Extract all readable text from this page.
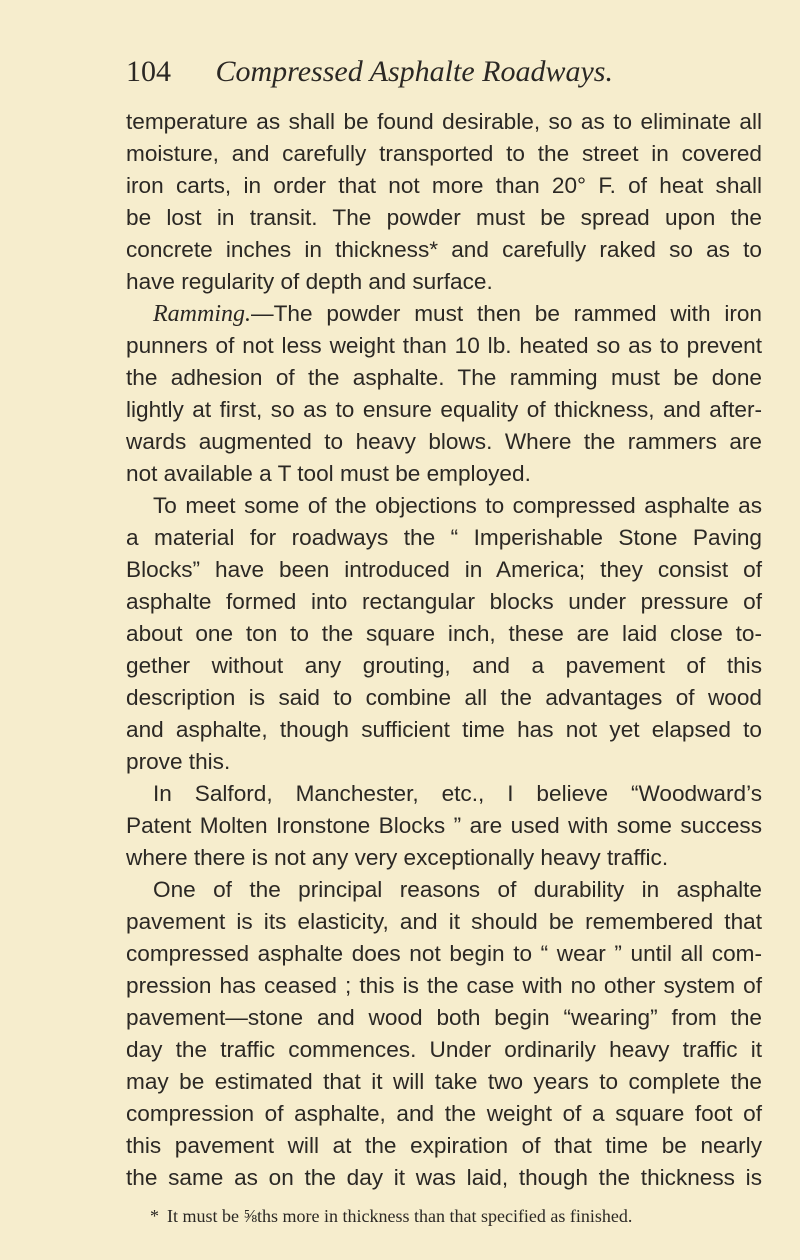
104 Compressed Asphalte Roadways.
temperature as shall be found desirable, so as to eliminate all
moisture, and carefully transported to the street in covered
iron carts, in order that not more than 20° F. of heat shall
be lost in transit. The powder must be spread upon the
concrete inches in thickness* and carefully raked so as to
have regularity of depth and surface.
Ramming.—The powder must then be rammed with iron
punners of not less weight than 10 lb. heated so as to prevent
the adhesion of the asphalte. The ramming must be done
lightly at first, so as to ensure equality of thickness, and after-
wards augmented to heavy blows. Where the rammers are
not available a T tool must be employed.
To meet some of the objections to compressed asphalte as
a material for roadways the “ Imperishable Stone Paving
Blocks” have been introduced in America; they consist of
asphalte formed into rectangular blocks under pressure of
about one ton to the square inch, these are laid close to-
gether without any grouting, and a pavement of this
description is said to combine all the advantages of wood
and asphalte, though sufficient time has not yet elapsed to
prove this.
In Salford, Manchester, etc., I believe “Woodward’s
Patent Molten Ironstone Blocks ” are used with some success
where there is not any very exceptionally heavy traffic.
One of the principal reasons of durability in asphalte
pavement is its elasticity, and it should be remembered that
compressed asphalte does not begin to “ wear ” until all com-
pression has ceased ; this is the case with no other system of
pavement—stone and wood both begin “wearing” from the
day the traffic commences. Under ordinarily heavy traffic it
may be estimated that it will take two years to complete the
compression of asphalte, and the weight of a square foot of
this pavement will at the expiration of that time be nearly
the same as on the day it was laid, though the thickness is
* It must be ⅝ths more in thickness than that specified as finished.
